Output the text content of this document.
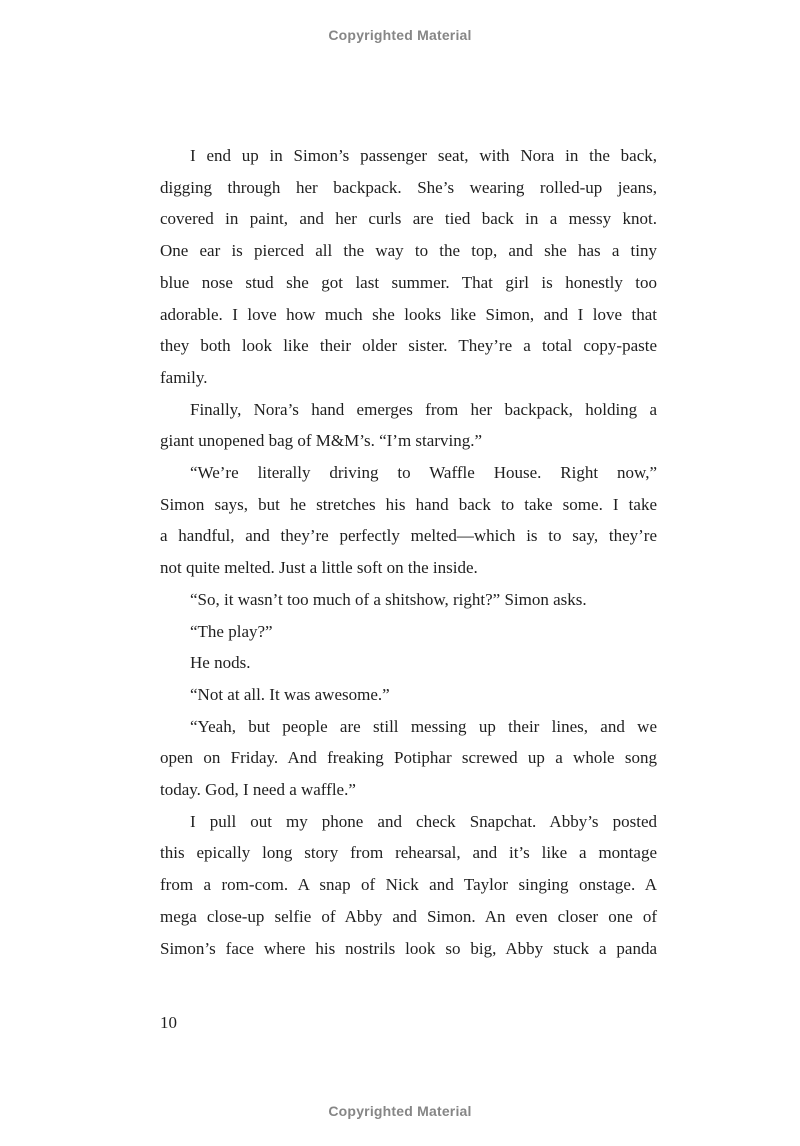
Copyrighted Material
I end up in Simon’s passenger seat, with Nora in the back,
digging through her backpack. She’s wearing rolled-up jeans,
covered in paint, and her curls are tied back in a messy knot.
One ear is pierced all the way to the top, and she has a tiny
blue nose stud she got last summer. That girl is honestly too
adorable. I love how much she looks like Simon, and I love that
they both look like their older sister. They’re a total copy-paste
family.
Finally, Nora’s hand emerges from her backpack, holding a
giant unopened bag of M&M’s. “I’m starving.”
“We’re literally driving to Waffle House. Right now,”
Simon says, but he stretches his hand back to take some. I take
a handful, and they’re perfectly melted—which is to say, they’re
not quite melted. Just a little soft on the inside.
“So, it wasn’t too much of a shitshow, right?” Simon asks.
“The play?”
He nods.
“Not at all. It was awesome.”
“Yeah, but people are still messing up their lines, and we
open on Friday. And freaking Potiphar screwed up a whole song
today. God, I need a waffle.”
I pull out my phone and check Snapchat. Abby’s posted
this epically long story from rehearsal, and it’s like a montage
from a rom-com. A snap of Nick and Taylor singing onstage. A
mega close-up selfie of Abby and Simon. An even closer one of
Simon’s face where his nostrils look so big, Abby stuck a panda
10
Copyrighted Material
